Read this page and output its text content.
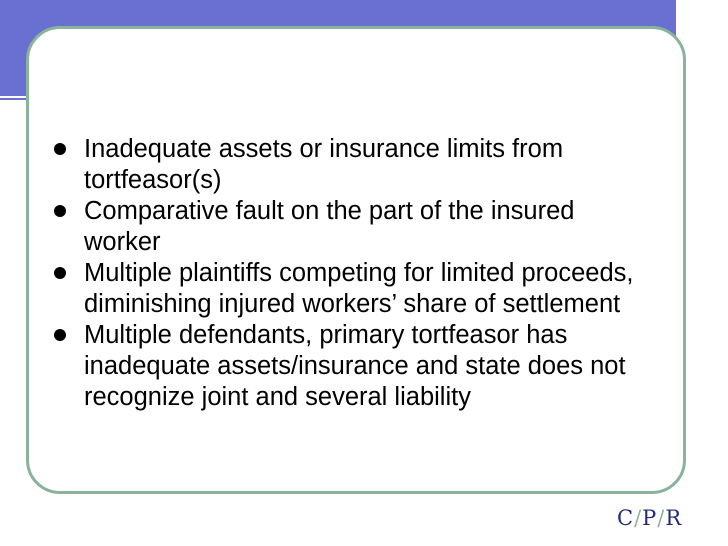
Inadequate assets or insurance limits from tortfeasor(s)
Comparative fault on the part of the insured worker
Multiple plaintiffs competing for limited proceeds, diminishing injured workers’ share of settlement
Multiple defendants, primary tortfeasor has inadequate assets/insurance and state does not recognize joint and several liability
C/P/R
